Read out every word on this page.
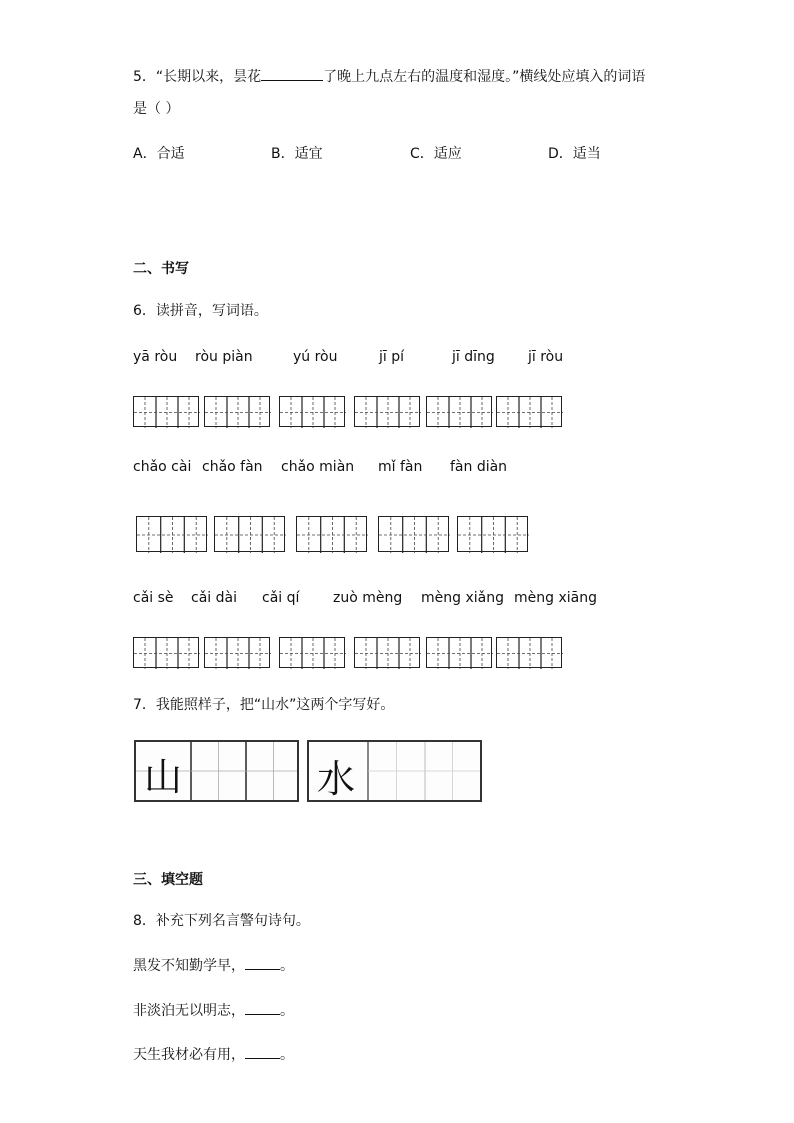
5．“长期以来，昙花	了晚上九点左右的温度和湿度。”横线处应填入的词语
是（ ）
A．合适	B．适宜	C．适应	D．适当
二、书写
6．读拼音，写词语。
yā ròu ròu piàn	yú ròu	jī pí	jī dīng jī ròu
chǎo cài chǎo fàn chǎo miàn mǐ fàn fàn diàn
cǎi sè cǎi dài cǎi qí zuò mèng mèng xiǎng mèng xiāng
7．我能照样子，把“山水”这两个字写好。
山	水
三、填空题
8．补充下列名言警句诗句。
黑发不知勤学早，	。
非淡泊无以明志，	。
天生我材必有用，	。
